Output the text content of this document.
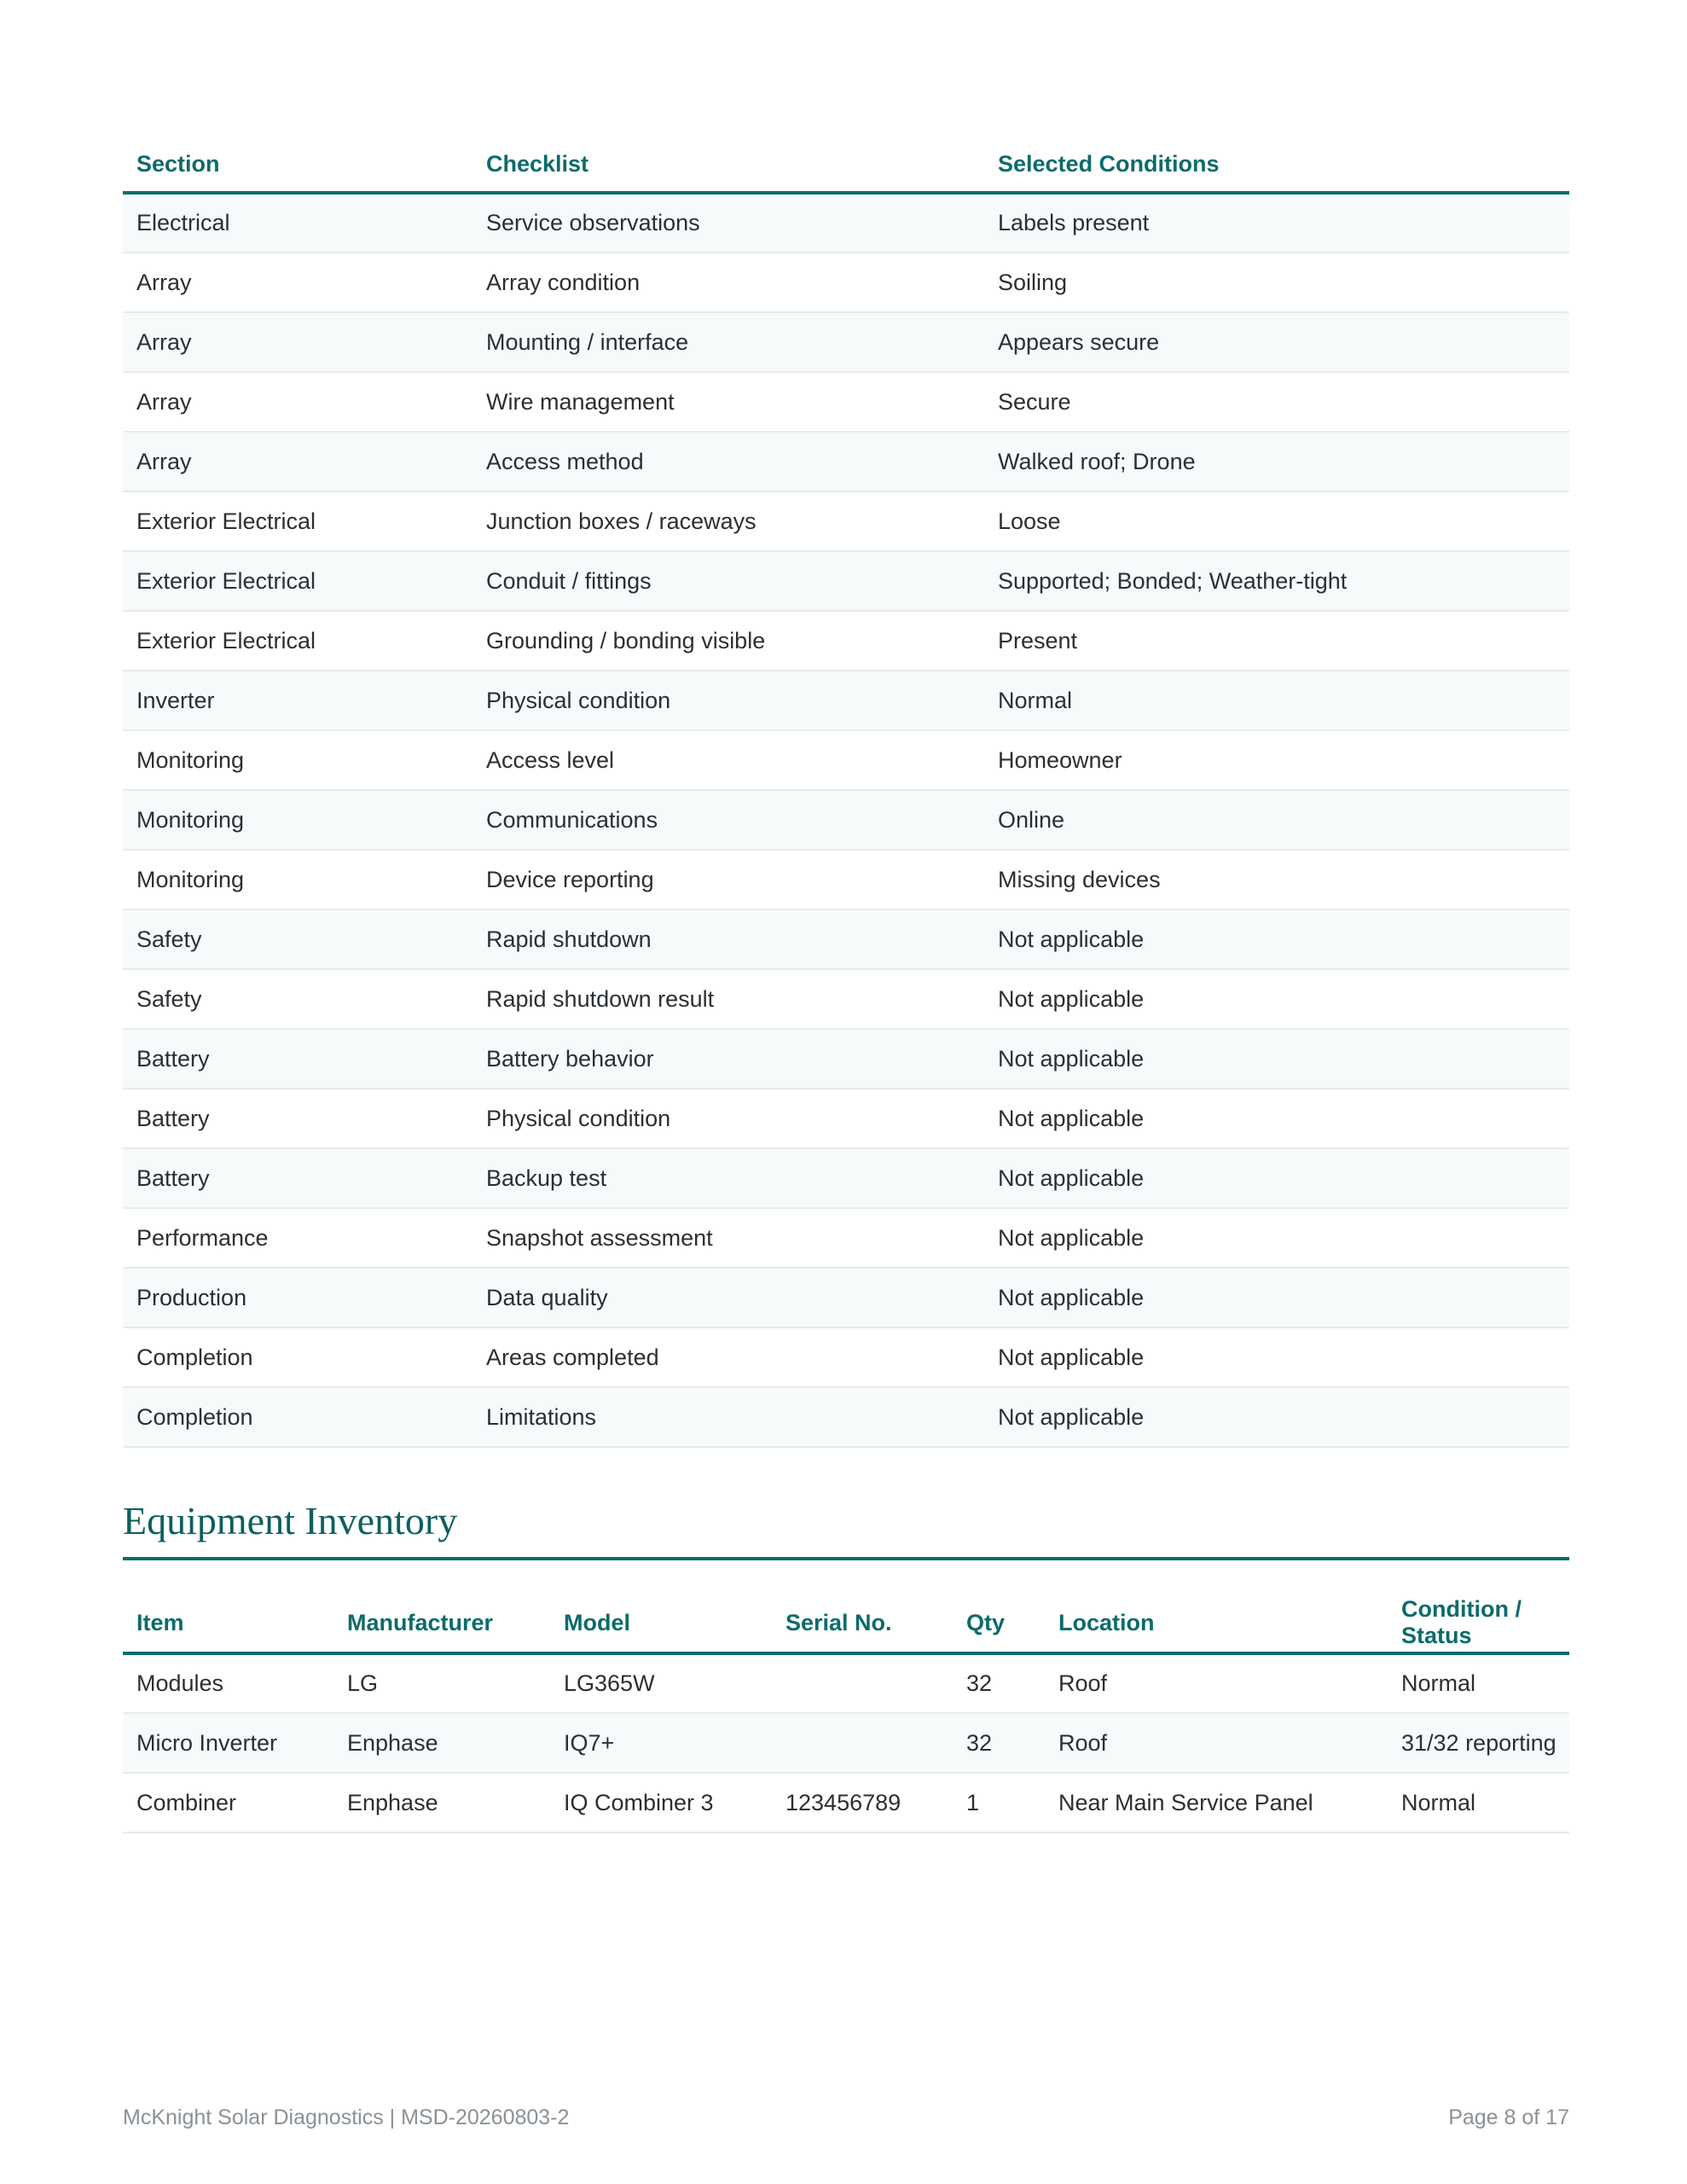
Section	Checklist	Selected Conditions
Electrical	Service observations	Labels present
Array	Array condition	Soiling
Array	Mounting / interface	Appears secure
Array	Wire management	Secure
Array	Access method	Walked roof; Drone
Exterior Electrical	Junction boxes / raceways	Loose
Exterior Electrical	Conduit / fittings	Supported; Bonded; Weather-tight
Exterior Electrical	Grounding / bonding visible	Present
Inverter	Physical condition	Normal
Monitoring	Access level	Homeowner
Monitoring	Communications	Online
Monitoring	Device reporting	Missing devices
Safety	Rapid shutdown	Not applicable
Safety	Rapid shutdown result	Not applicable
Battery	Battery behavior	Not applicable
Battery	Physical condition	Not applicable
Battery	Backup test	Not applicable
Performance	Snapshot assessment	Not applicable
Production	Data quality	Not applicable
Completion	Areas completed	Not applicable
Completion	Limitations	Not applicable
Equipment Inventory
Item	Manufacturer	Model	Serial No.	Qty	Location	Condition / Status
Modules	LG	LG365W		32	Roof	Normal
Micro Inverter	Enphase	IQ7+		32	Roof	31/32 reporting
Combiner	Enphase	IQ Combiner 3	123456789	1	Near Main Service Panel	Normal
McKnight Solar Diagnostics | MSD-20260803-2	Page 8 of 17
